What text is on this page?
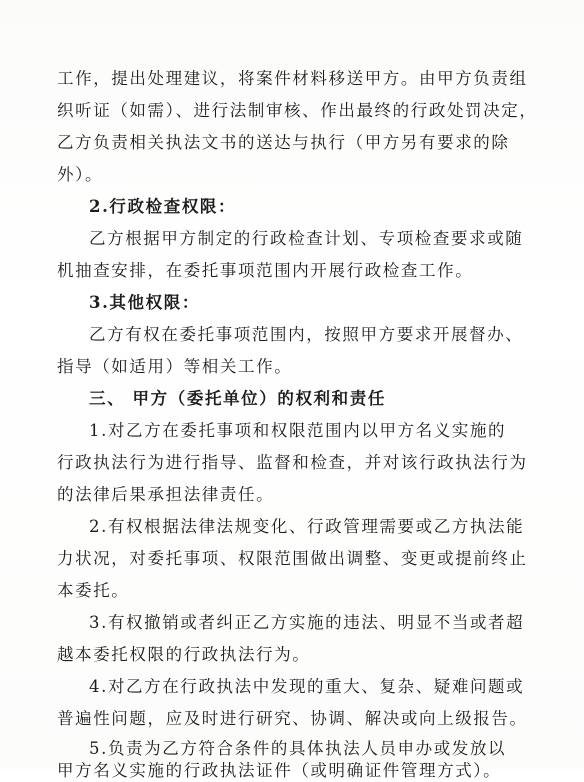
工作，提出处理建议，将案件材料移送甲方。由甲方负责组
织听证（如需）、进行法制审核、作出最终的行政处罚决定，
乙方负责相关执法文书的送达与执行（甲方另有要求的除
外）。
2.行政检查权限：
乙方根据甲方制定的行政检查计划、专项检查要求或随
机抽查安排，在委托事项范围内开展行政检查工作。
3.其他权限：
乙方有权在委托事项范围内，按照甲方要求开展督办、
指导（如适用）等相关工作。
三、 甲方（委托单位）的权利和责任
1.对乙方在委托事项和权限范围内以甲方名义实施的
行政执法行为进行指导、监督和检查，并对该行政执法行为
的法律后果承担法律责任。
2.有权根据法律法规变化、行政管理需要或乙方执法能
力状况，对委托事项、权限范围做出调整、变更或提前终止
本委托。
3.有权撤销或者纠正乙方实施的违法、明显不当或者超
越本委托权限的行政执法行为。
4.对乙方在行政执法中发现的重大、复杂、疑难问题或
普遍性问题，应及时进行研究、协调、解决或向上级报告。
5.负责为乙方符合条件的具体执法人员申办或发放以
甲方名义实施的行政执法证件（或明确证件管理方式）。
